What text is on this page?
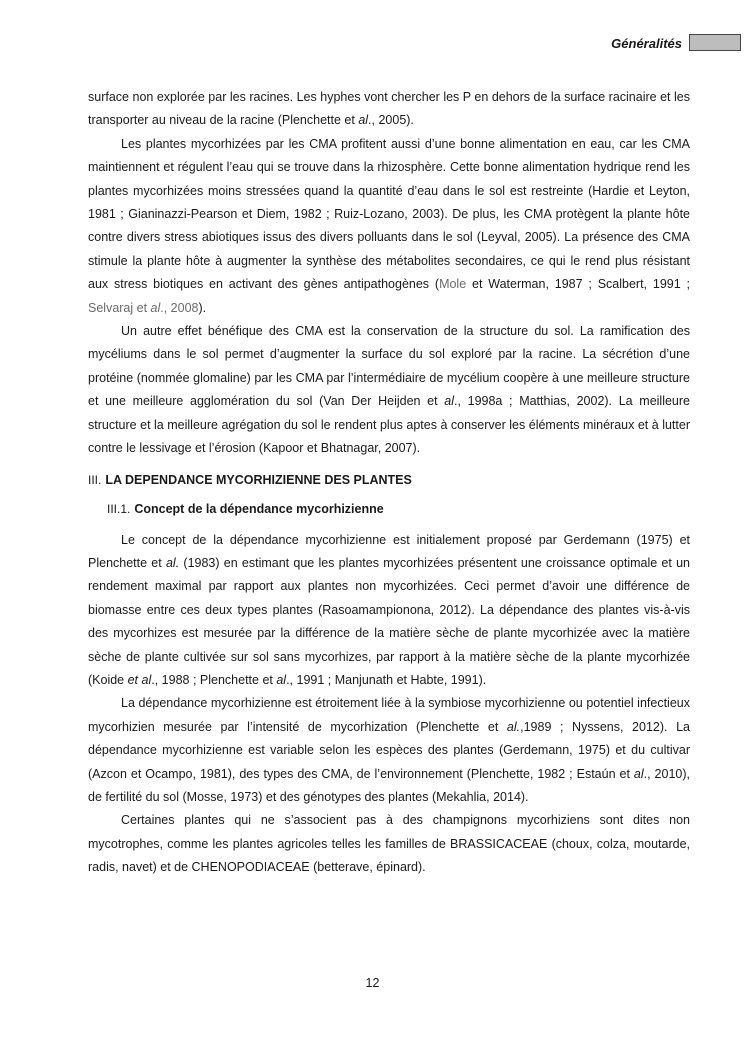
Généralités

surface non explorée par les racines. Les hyphes vont chercher les P en dehors de la surface racinaire et les transporter au niveau de la racine (Plenchette et al., 2005).

Les plantes mycorhizées par les CMA profitent aussi d’une bonne alimentation en eau, car les CMA maintiennent et régulent l’eau qui se trouve dans la rhizosphère. Cette bonne alimentation hydrique rend les plantes mycorhizées moins stressées quand la quantité d’eau dans le sol est restreinte (Hardie et Leyton, 1981 ; Gianinazzi-Pearson et Diem, 1982 ; Ruiz-Lozano, 2003). De plus, les CMA protègent la plante hôte contre divers stress abiotiques issus des divers polluants dans le sol (Leyval, 2005). La présence des CMA stimule la plante hôte à augmenter la synthèse des métabolites secondaires, ce qui le rend plus résistant aux stress biotiques en activant des gènes antipathogènes (Mole et Waterman, 1987 ; Scalbert, 1991 ; Selvaraj et al., 2008).

Un autre effet bénéfique des CMA est la conservation de la structure du sol. La ramification des mycéliums dans le sol permet d’augmenter la surface du sol exploré par la racine. La sécrétion d’une protéine (nommée glomaline) par les CMA par l’intermédiaire de mycélium coopère à une meilleure structure et une meilleure agglomération du sol (Van Der Heijden et al., 1998a ; Matthias, 2002). La meilleure structure et la meilleure agrégation du sol le rendent plus aptes à conserver les éléments minéraux et à lutter contre le lessivage et l’érosion (Kapoor et Bhatnagar, 2007).

III. LA DEPENDANCE MYCORHIZIENNE DES PLANTES

III.1. Concept de la dépendance mycorhizienne

Le concept de la dépendance mycorhizienne est initialement proposé par Gerdemann (1975) et Plenchette et al. (1983) en estimant que les plantes mycorhizées présentent une croissance optimale et un rendement maximal par rapport aux plantes non mycorhizées. Ceci permet d’avoir une différence de biomasse entre ces deux types plantes (Rasoamampionona, 2012). La dépendance des plantes vis-à-vis des mycorhizes est mesurée par la différence de la matière sèche de plante mycorhizée avec la matière sèche de plante cultivée sur sol sans mycorhizes, par rapport à la matière sèche de la plante mycorhizée (Koide et al., 1988 ; Plenchette et al., 1991 ; Manjunath et Habte, 1991).

La dépendance mycorhizienne est étroitement liée à la symbiose mycorhizienne ou potentiel infectieux mycorhizien mesurée par l’intensité de mycorhization (Plenchette et al.,1989 ; Nyssens, 2012). La dépendance mycorhizienne est variable selon les espèces des plantes (Gerdemann, 1975) et du cultivar (Azcon et Ocampo, 1981), des types des CMA, de l’environnement (Plenchette, 1982 ; Estaún et al., 2010), de fertilité du sol (Mosse, 1973) et des génotypes des plantes (Mekahlia, 2014).

Certaines plantes qui ne s’associent pas à des champignons mycorhiziens sont dites non mycotrophes, comme les plantes agricoles telles les familles de BRASSICACEAE (choux, colza, moutarde, radis, navet) et de CHENOPODIACEAE (betterave, épinard).

12
